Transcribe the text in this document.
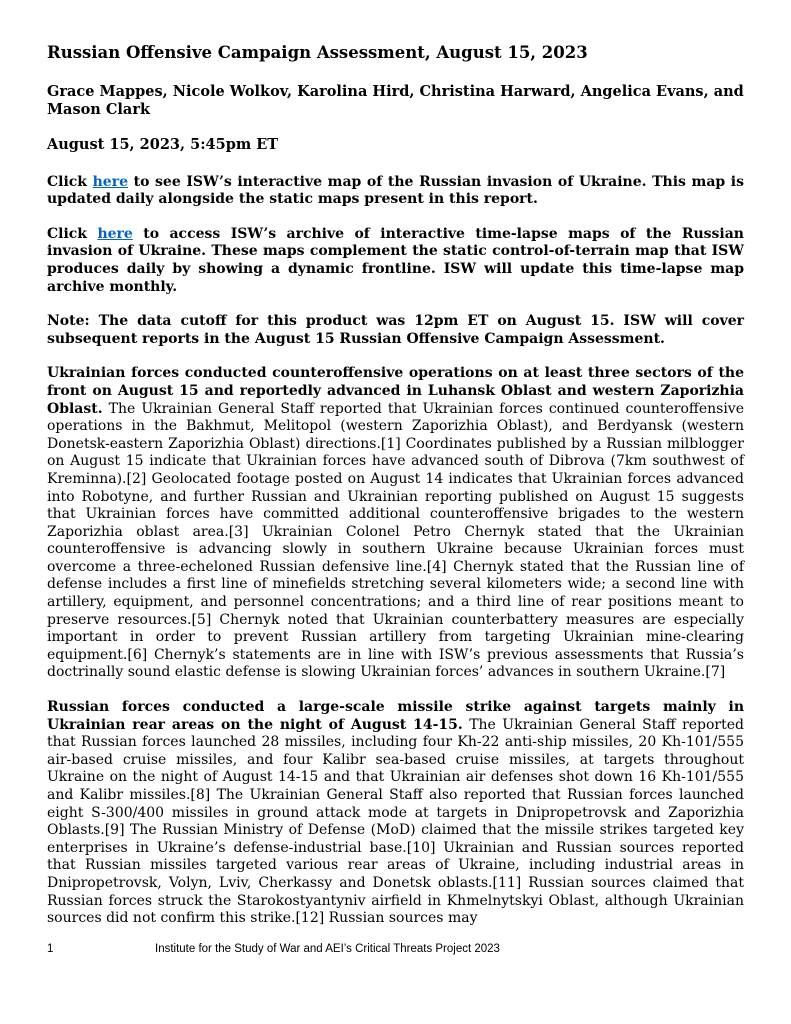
Russian Offensive Campaign Assessment, August 15, 2023
Grace Mappes, Nicole Wolkov, Karolina Hird, Christina Harward, Angelica Evans, and Mason Clark
August 15, 2023, 5:45pm ET

Click here to see ISW’s interactive map of the Russian invasion of Ukraine. This map is updated daily alongside the static maps present in this report.

Click here to access ISW’s archive of interactive time-lapse maps of the Russian invasion of Ukraine. These maps complement the static control-of-terrain map that ISW produces daily by showing a dynamic frontline. ISW will update this time-lapse map archive monthly.

Note: The data cutoff for this product was 12pm ET on August 15. ISW will cover subsequent reports in the August 15 Russian Offensive Campaign Assessment.

Ukrainian forces conducted counteroffensive operations on at least three sectors of the front on August 15 and reportedly advanced in Luhansk Oblast and western Zaporizhia Oblast. The Ukrainian General Staff reported that Ukrainian forces continued counteroffensive operations in the Bakhmut, Melitopol (western Zaporizhia Oblast), and Berdyansk (western Donetsk-eastern Zaporizhia Oblast) directions.[1] Coordinates published by a Russian milblogger on August 15 indicate that Ukrainian forces have advanced south of Dibrova (7km southwest of Kreminna).[2] Geolocated footage posted on August 14 indicates that Ukrainian forces advanced into Robotyne, and further Russian and Ukrainian reporting published on August 15 suggests that Ukrainian forces have committed additional counteroffensive brigades to the western Zaporizhia oblast area.[3] Ukrainian Colonel Petro Chernyk stated that the Ukrainian counteroffensive is advancing slowly in southern Ukraine because Ukrainian forces must overcome a three-echeloned Russian defensive line.[4] Chernyk stated that the Russian line of defense includes a first line of minefields stretching several kilometers wide; a second line with artillery, equipment, and personnel concentrations; and a third line of rear positions meant to preserve resources.[5] Chernyk noted that Ukrainian counterbattery measures are especially important in order to prevent Russian artillery from targeting Ukrainian mine-clearing equipment.[6] Chernyk’s statements are in line with ISW’s previous assessments that Russia’s doctrinally sound elastic defense is slowing Ukrainian forces’ advances in southern Ukraine.[7]

Russian forces conducted a large-scale missile strike against targets mainly in Ukrainian rear areas on the night of August 14-15. The Ukrainian General Staff reported that Russian forces launched 28 missiles, including four Kh-22 anti-ship missiles, 20 Kh-101/555 air-based cruise missiles, and four Kalibr sea-based cruise missiles, at targets throughout Ukraine on the night of August 14-15 and that Ukrainian air defenses shot down 16 Kh-101/555 and Kalibr missiles.[8] The Ukrainian General Staff also reported that Russian forces launched eight S-300/400 missiles in ground attack mode at targets in Dnipropetrovsk and Zaporizhia Oblasts.[9] The Russian Ministry of Defense (MoD) claimed that the missile strikes targeted key enterprises in Ukraine’s defense-industrial base.[10] Ukrainian and Russian sources reported that Russian missiles targeted various rear areas of Ukraine, including industrial areas in Dnipropetrovsk, Volyn, Lviv, Cherkassy and Donetsk oblasts.[11] Russian sources claimed that Russian forces struck the Starokostyantyniv airfield in Khmelnytskyi Oblast, although Ukrainian sources did not confirm this strike.[12] Russian sources may

1	Institute for the Study of War and AEI’s Critical Threats Project 2023
